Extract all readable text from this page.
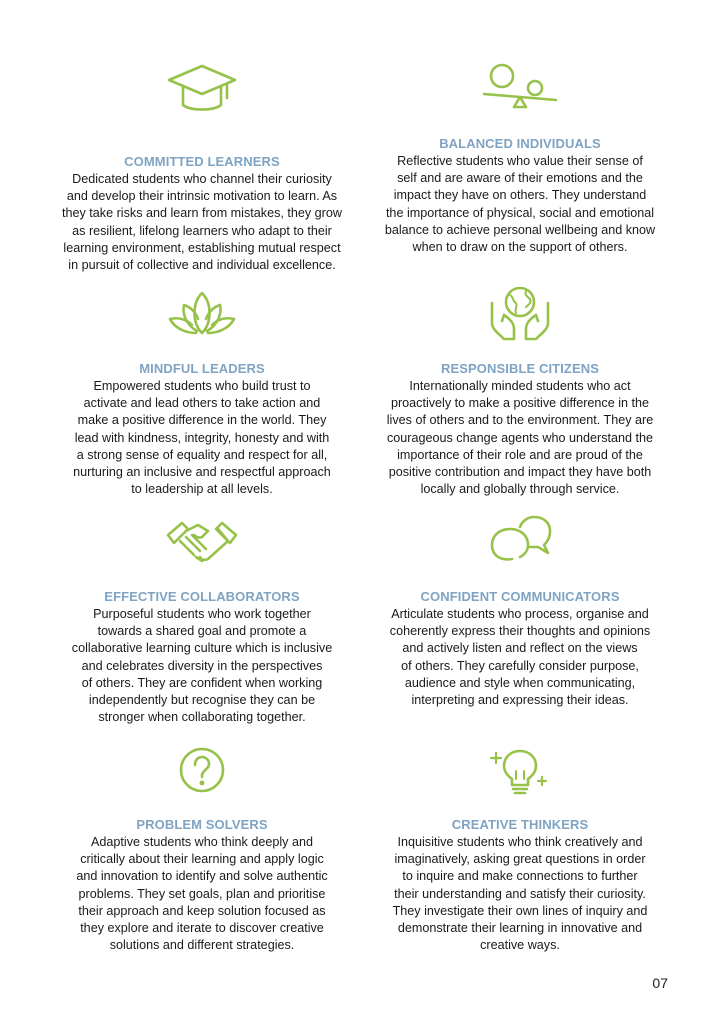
COMMITTED LEARNERS

Dedicated students who channel their curiosity
and develop their intrinsic motivation to learn. As
they take risks and learn from mistakes, they grow
as resilient, lifelong learners who adapt to their
learning environment, establishing mutual respect
in pursuit of collective and individual excellence.

BALANCED INDIVIDUALS

Reflective students who value their sense of
self and are aware of their emotions and the
impact they have on others. They understand
the importance of physical, social and emotional
balance to achieve personal wellbeing and know
when to draw on the support of others.

MINDFUL LEADERS

Empowered students who build trust to
activate and lead others to take action and
make a positive difference in the world. They
lead with kindness, integrity, honesty and with
a strong sense of equality and respect for all,
nurturing an inclusive and respectful approach
to leadership at all levels.

RESPONSIBLE CITIZENS

Internationally minded students who act
proactively to make a positive difference in the
lives of others and to the environment. They are
courageous change agents who understand the
importance of their role and are proud of the
positive contribution and impact they have both
locally and globally through service.

EFFECTIVE COLLABORATORS

Purposeful students who work together
towards a shared goal and promote a
collaborative learning culture which is inclusive
and celebrates diversity in the perspectives
of others. They are confident when working
independently but recognise they can be
stronger when collaborating together.

CONFIDENT COMMUNICATORS

Articulate students who process, organise and
coherently express their thoughts and opinions
and actively listen and reflect on the views
of others. They carefully consider purpose,
audience and style when communicating,
interpreting and expressing their ideas.

PROBLEM SOLVERS

Adaptive students who think deeply and
critically about their learning and apply logic
and innovation to identify and solve authentic
problems. They set goals, plan and prioritise
their approach and keep solution focused as
they explore and iterate to discover creative
solutions and different strategies.

CREATIVE THINKERS

Inquisitive students who think creatively and
imaginatively, asking great questions in order
to inquire and make connections to further
their understanding and satisfy their curiosity.
They investigate their own lines of inquiry and
demonstrate their learning in innovative and
creative ways.

07
